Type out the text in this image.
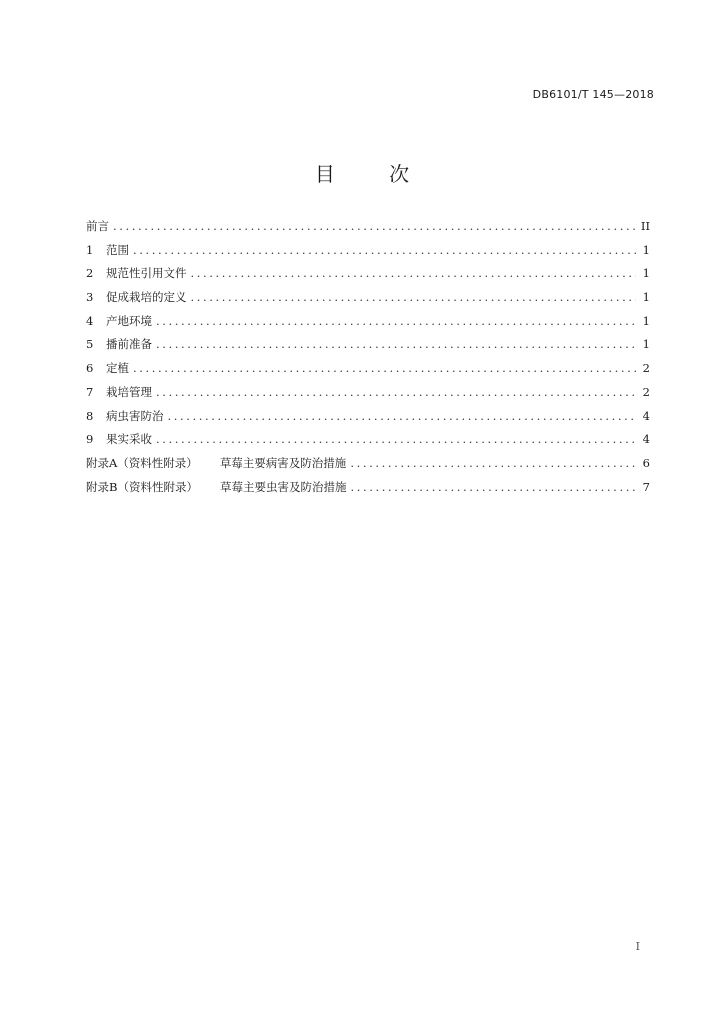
DB6101/T 145—2018
目	次
前言 .....	II
1	范围 .....	1
2	规范性引用文件 .....	1
3	促成栽培的定义 .....	1
4	产地环境 .....	1
5	播前准备 .....	1
6	定植 .....	2
7	栽培管理 .....	2
8	病虫害防治 .....	4
9	果实采收 .....	4
附录A（资料性附录） 草莓主要病害及防治措施 .....	6
附录B（资料性附录） 草莓主要虫害及防治措施 .....	7
I
